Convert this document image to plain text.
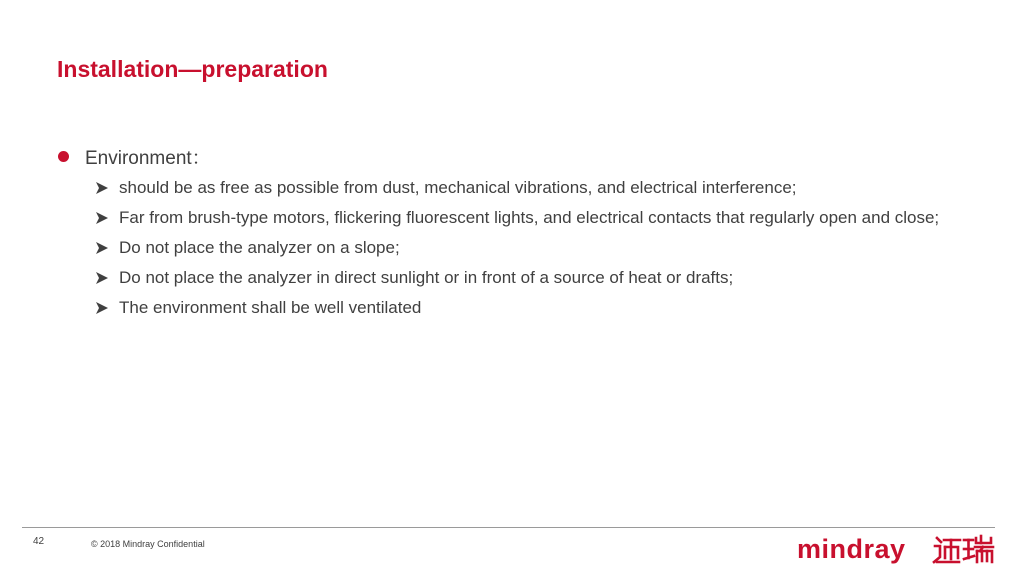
Installation—preparation
Environment：
should be as free as possible from dust, mechanical vibrations, and electrical interference;
Far from brush-type motors, flickering fluorescent lights, and electrical contacts that regularly open and close;
Do not place the analyzer on a slope;
Do not place the analyzer in direct sunlight or in front of a source of heat or drafts;
The environment shall be well ventilated
42	© 2018 Mindray Confidential	mindray
